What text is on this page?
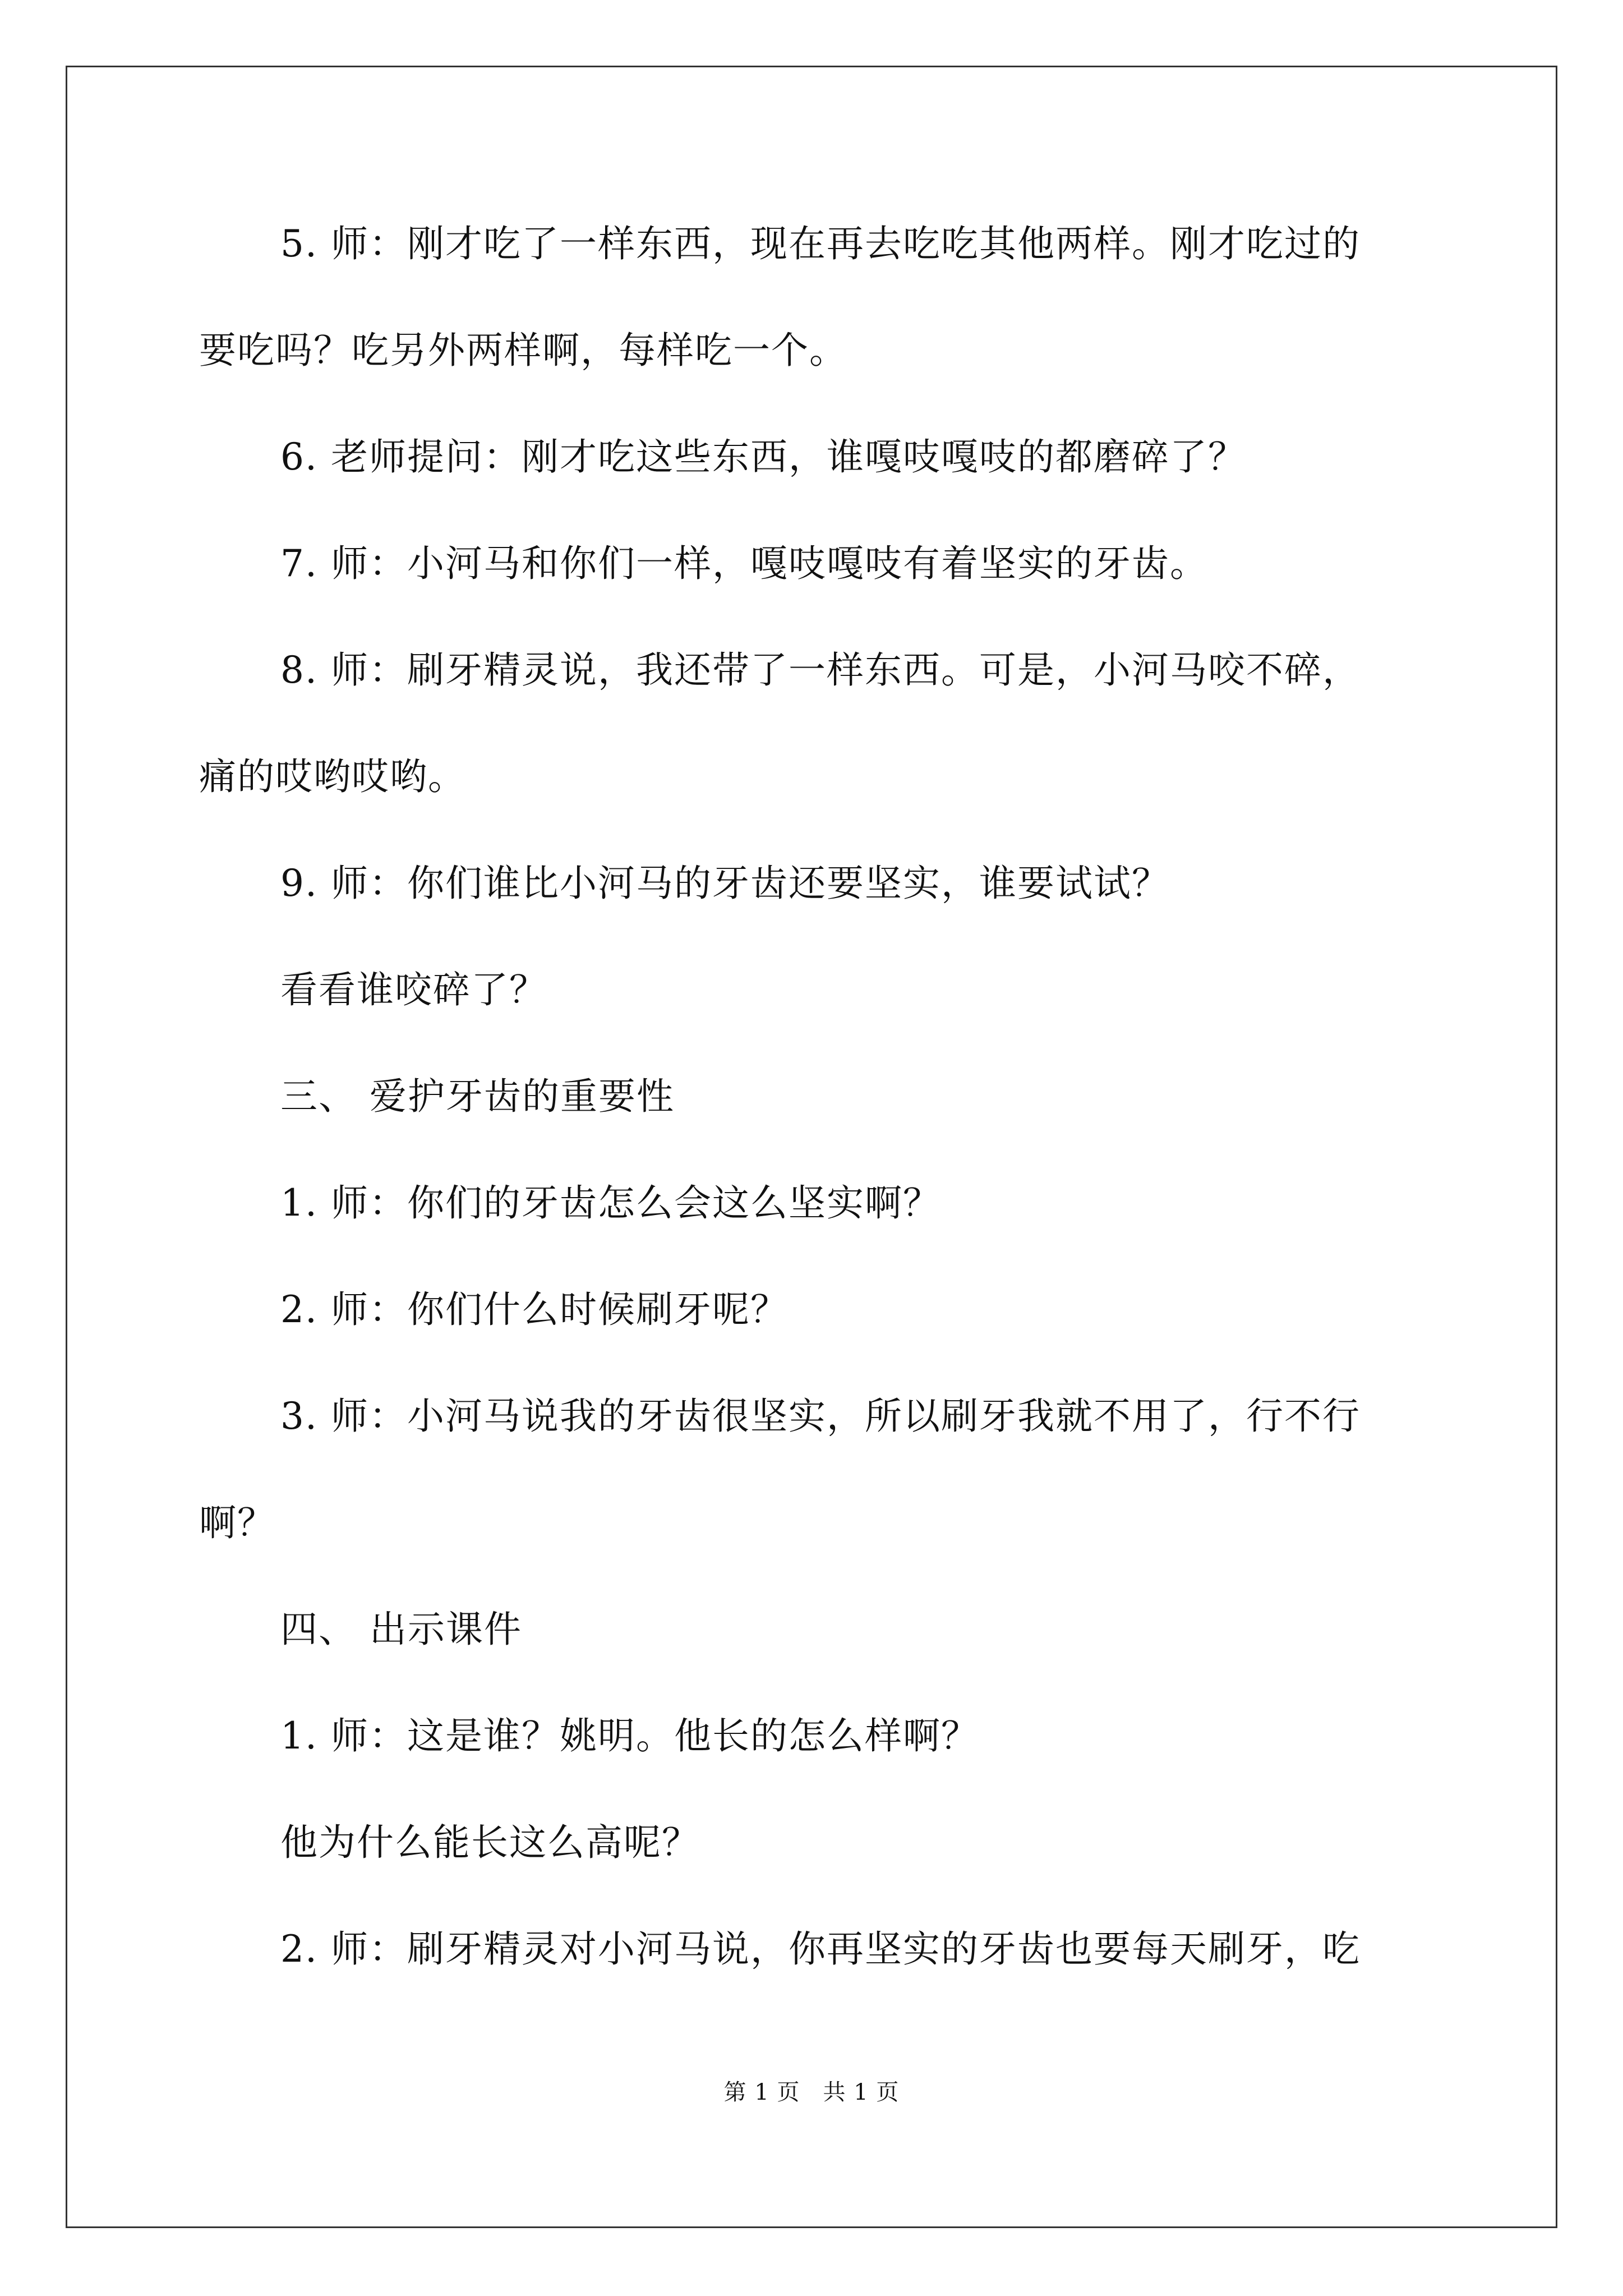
5. 师：刚才吃了一样东西，现在再去吃吃其他两样。刚才吃过的
要吃吗？吃另外两样啊，每样吃一个。
6. 老师提问：刚才吃这些东西，谁嘎吱嘎吱的都磨碎了？
7. 师：小河马和你们一样，嘎吱嘎吱有着坚实的牙齿。
8. 师：刷牙精灵说，我还带了一样东西。可是，小河马咬不碎，
痛的哎哟哎哟。
9. 师：你们谁比小河马的牙齿还要坚实，谁要试试？
看看谁咬碎了？
三、 爱护牙齿的重要性
1. 师：你们的牙齿怎么会这么坚实啊？
2. 师：你们什么时候刷牙呢？
3. 师：小河马说我的牙齿很坚实，所以刷牙我就不用了，行不行
啊？
四、 出示课件
1. 师：这是谁？姚明。他长的怎么样啊？
他为什么能长这么高呢？
2. 师：刷牙精灵对小河马说，你再坚实的牙齿也要每天刷牙，吃
第 1 页　共 1 页
